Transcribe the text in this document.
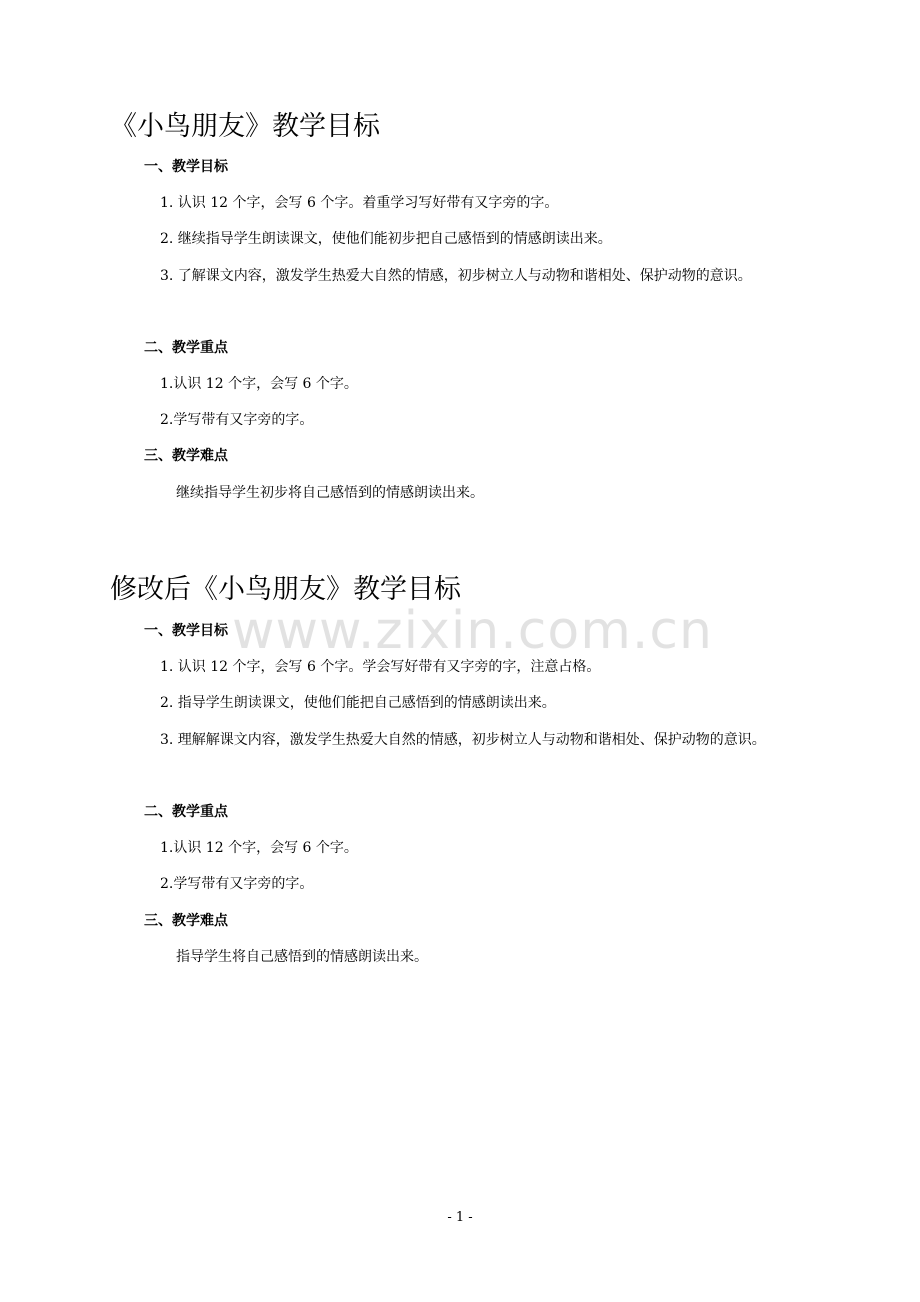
《小鸟朋友》教学目标
一、教学目标
1. 认识 12 个字，会写 6 个字。着重学习写好带有又字旁的字。
2. 继续指导学生朗读课文，使他们能初步把自己感悟到的情感朗读出来。
3. 了解课文内容，激发学生热爱大自然的情感，初步树立人与动物和谐相处、保护动物的意识。
二、教学重点
1.认识 12 个字，会写 6 个字。
2.学写带有又字旁的字。
三、教学难点
继续指导学生初步将自己感悟到的情感朗读出来。
修改后《小鸟朋友》教学目标
一、教学目标
1. 认识 12 个字，会写 6 个字。学会写好带有又字旁的字，注意占格。
2. 指导学生朗读课文，使他们能把自己感悟到的情感朗读出来。
3. 理解解课文内容，激发学生热爱大自然的情感，初步树立人与动物和谐相处、保护动物的意识。
二、教学重点
1.认识 12 个字，会写 6 个字。
2.学写带有又字旁的字。
三、教学难点
指导学生将自己感悟到的情感朗读出来。
www.zixin.com.cn
- 1 -
